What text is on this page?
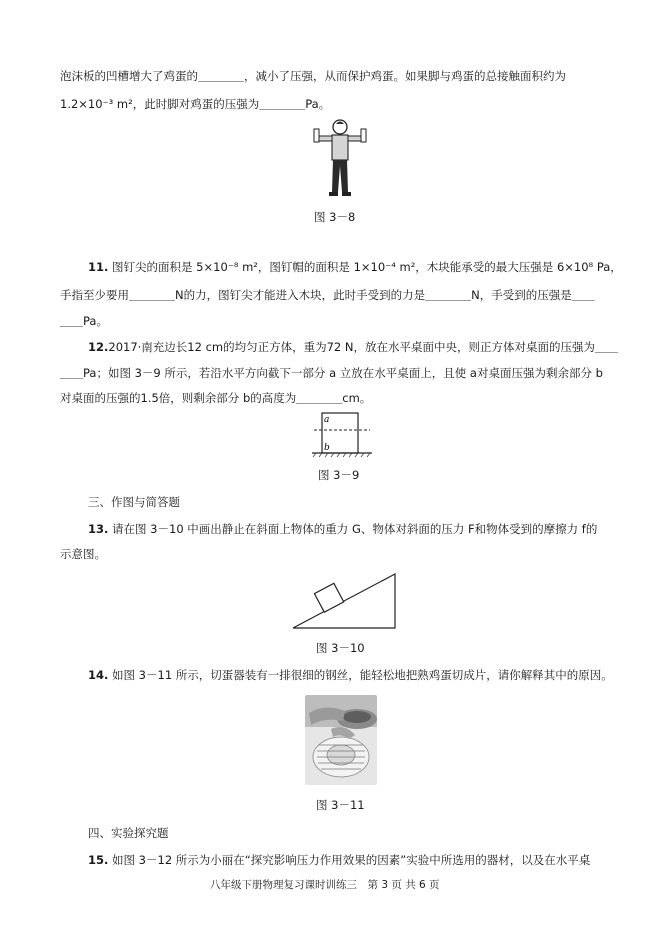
泡沫板的凹槽增大了鸡蛋的＿＿＿＿，减小了压强，从而保护鸡蛋。如果脚与鸡蛋的总接触面积约为
1.2×10⁻³ m²，此时脚对鸡蛋的压强为＿＿＿＿Pa。
图 3－8
11. 图钉尖的面积是 5×10⁻⁸ m²，图钉帽的面积是 1×10⁻⁴ m²，木块能承受的最大压强是 6×10⁸ Pa，
手指至少要用＿＿＿＿N的力，图钉尖才能进入木块，此时手受到的力是＿＿＿＿N，手受到的压强是＿＿
＿＿Pa。
12.2017·南充边长12 cm的均匀正方体，重为72 N，放在水平桌面中央，则正方体对桌面的压强为＿＿
＿＿Pa；如图 3－9 所示，若沿水平方向截下一部分 a 立放在水平桌面上，且使 a对桌面压强为剩余部分 b
对桌面的压强的1.5倍，则剩余部分 b的高度为＿＿＿＿cm。
a
b
图 3－9
三、作图与简答题
13. 请在图 3－10 中画出静止在斜面上物体的重力 G、物体对斜面的压力 F和物体受到的摩擦力 f的
示意图。
图 3－10
14. 如图 3－11 所示，切蛋器装有一排很细的钢丝，能轻松地把熟鸡蛋切成片，请你解释其中的原因。
图 3－11
四、实验探究题
15. 如图 3－12 所示为小丽在“探究影响压力作用效果的因素”实验中所选用的器材，以及在水平桌
八年级下册物理复习课时训练三　第 3 页 共 6 页
